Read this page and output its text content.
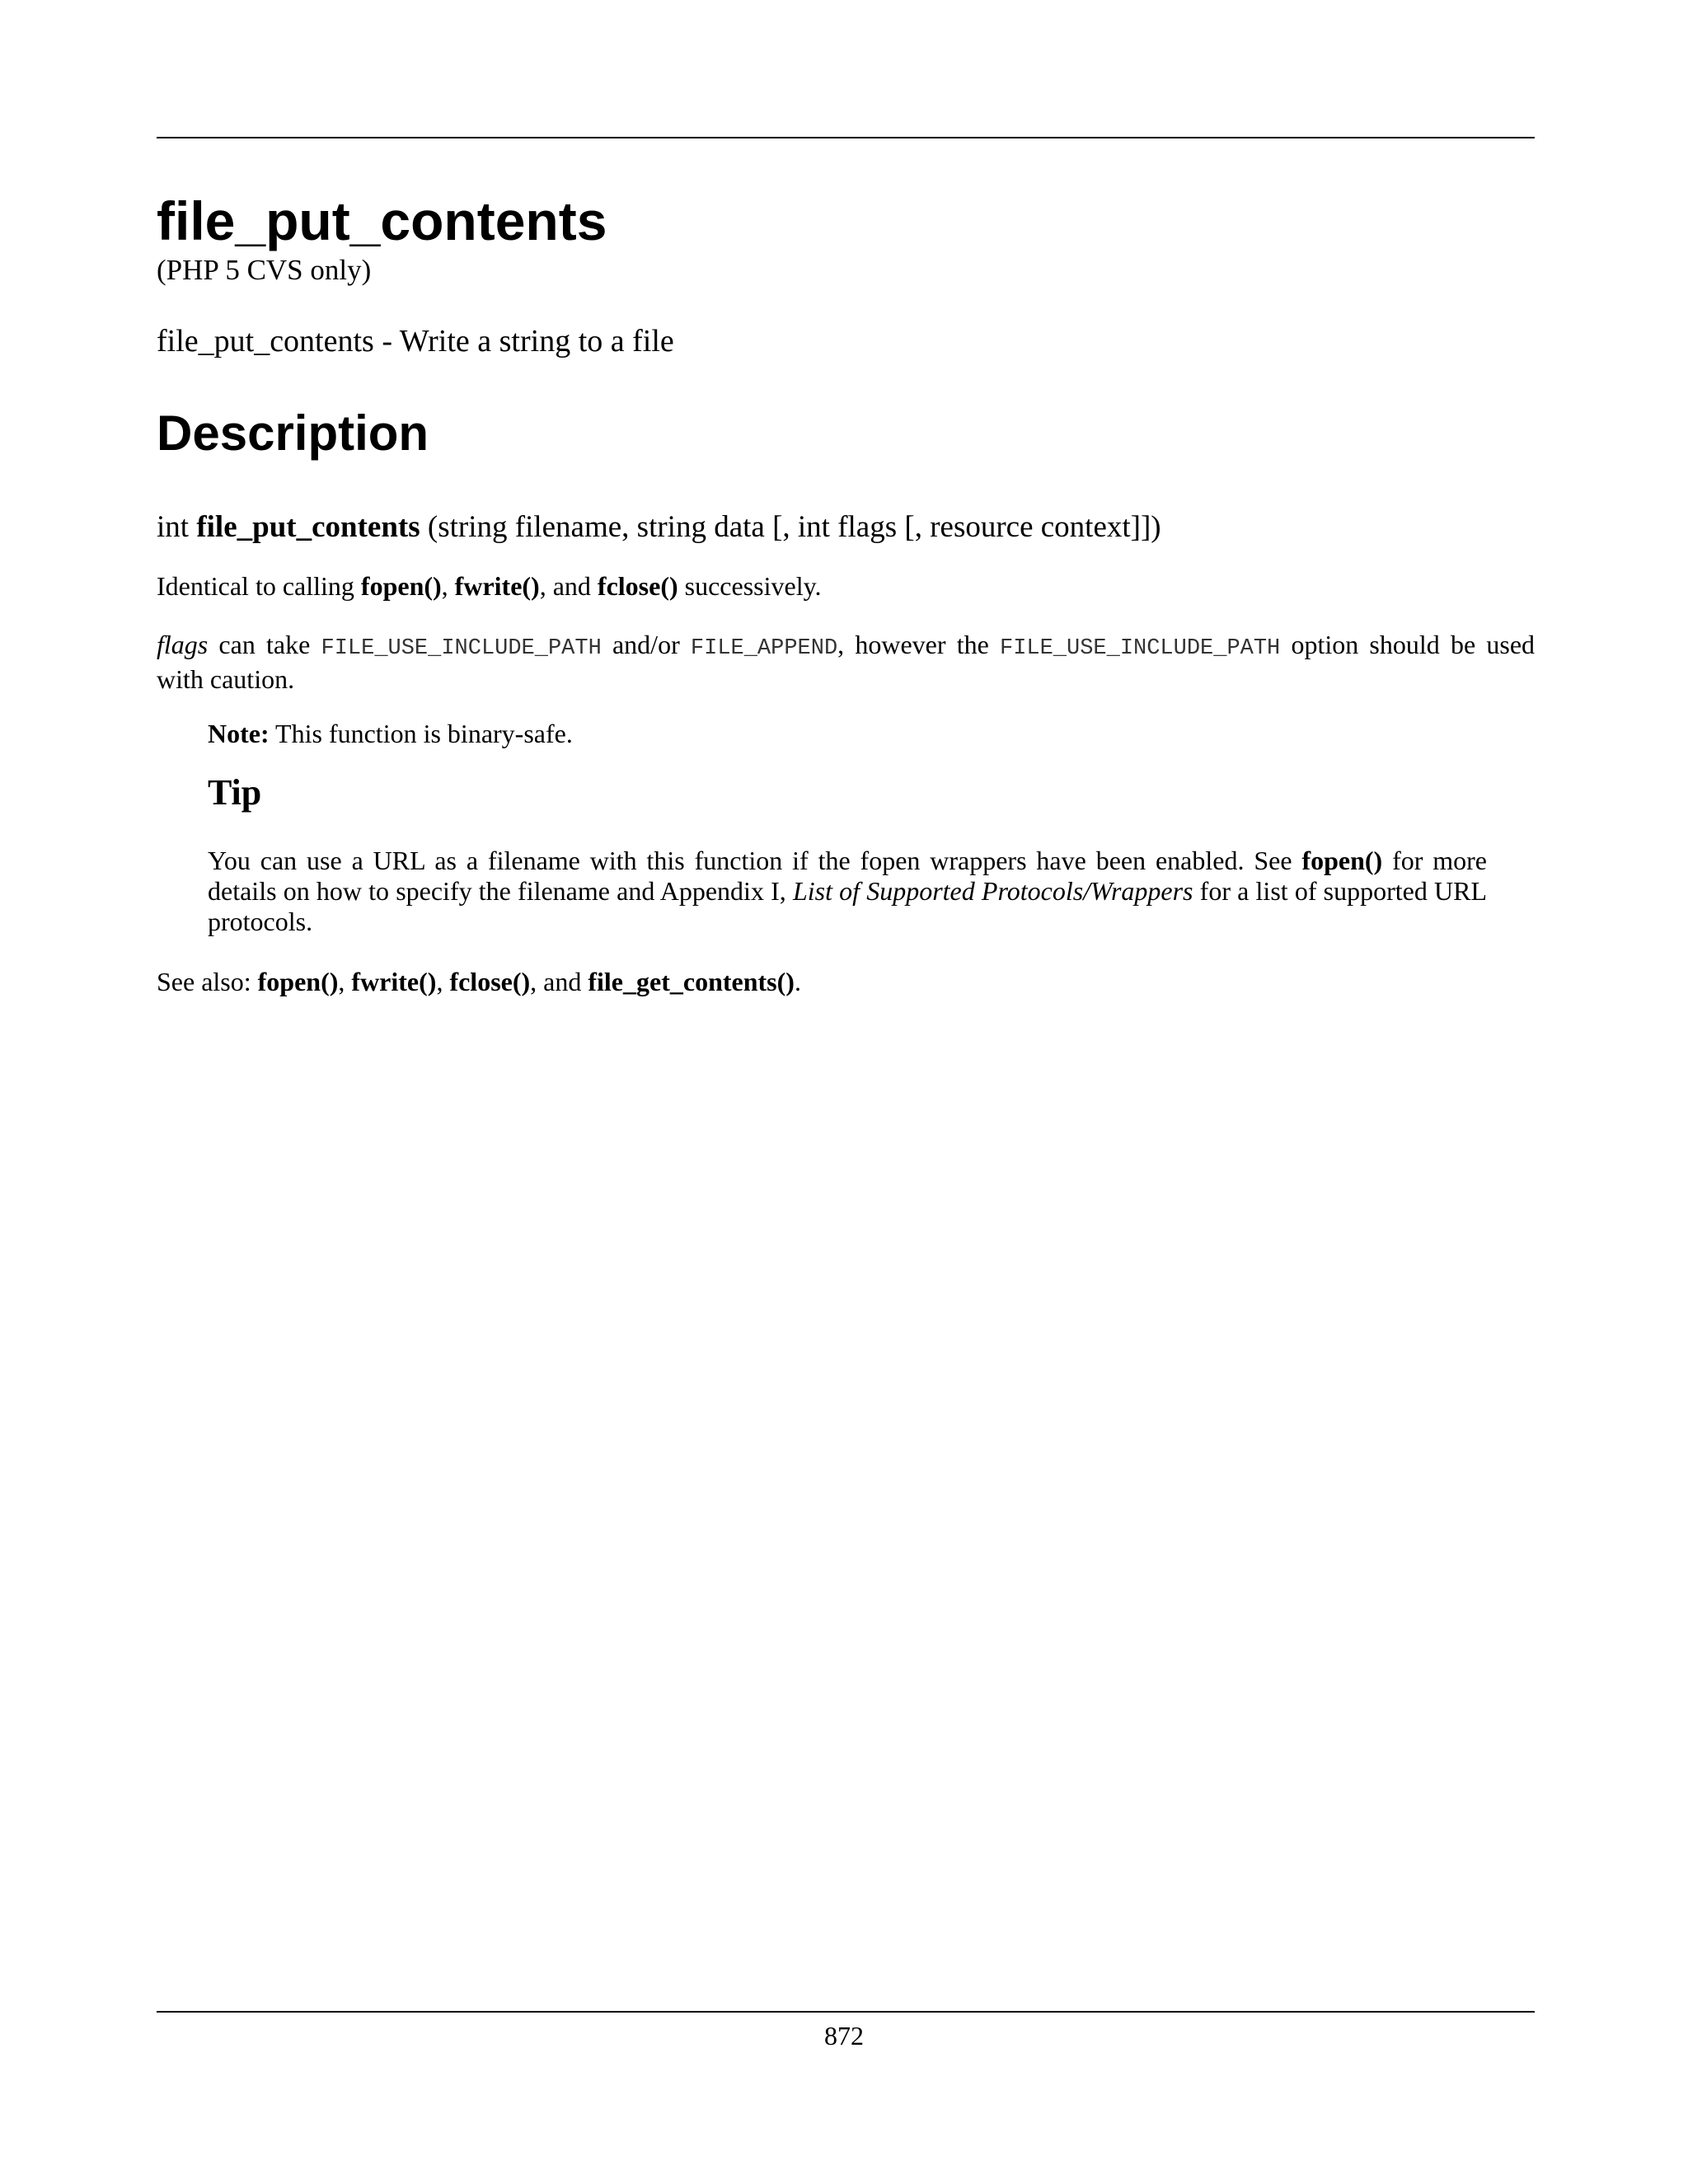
file_put_contents
(PHP 5 CVS only)
file_put_contents - Write a string to a file
Description
int file_put_contents (string filename, string data [, int flags [, resource context]])
Identical to calling fopen(), fwrite(), and fclose() successively.
flags can take FILE_USE_INCLUDE_PATH and/or FILE_APPEND, however the FILE_USE_INCLUDE_PATH option should be used with caution.
Note: This function is binary-safe.
Tip
You can use a URL as a filename with this function if the fopen wrappers have been enabled. See fopen() for more details on how to specify the filename and Appendix I, List of Supported Protocols/Wrappers for a list of supported URL protocols.
See also: fopen(), fwrite(), fclose(), and file_get_contents().
872
